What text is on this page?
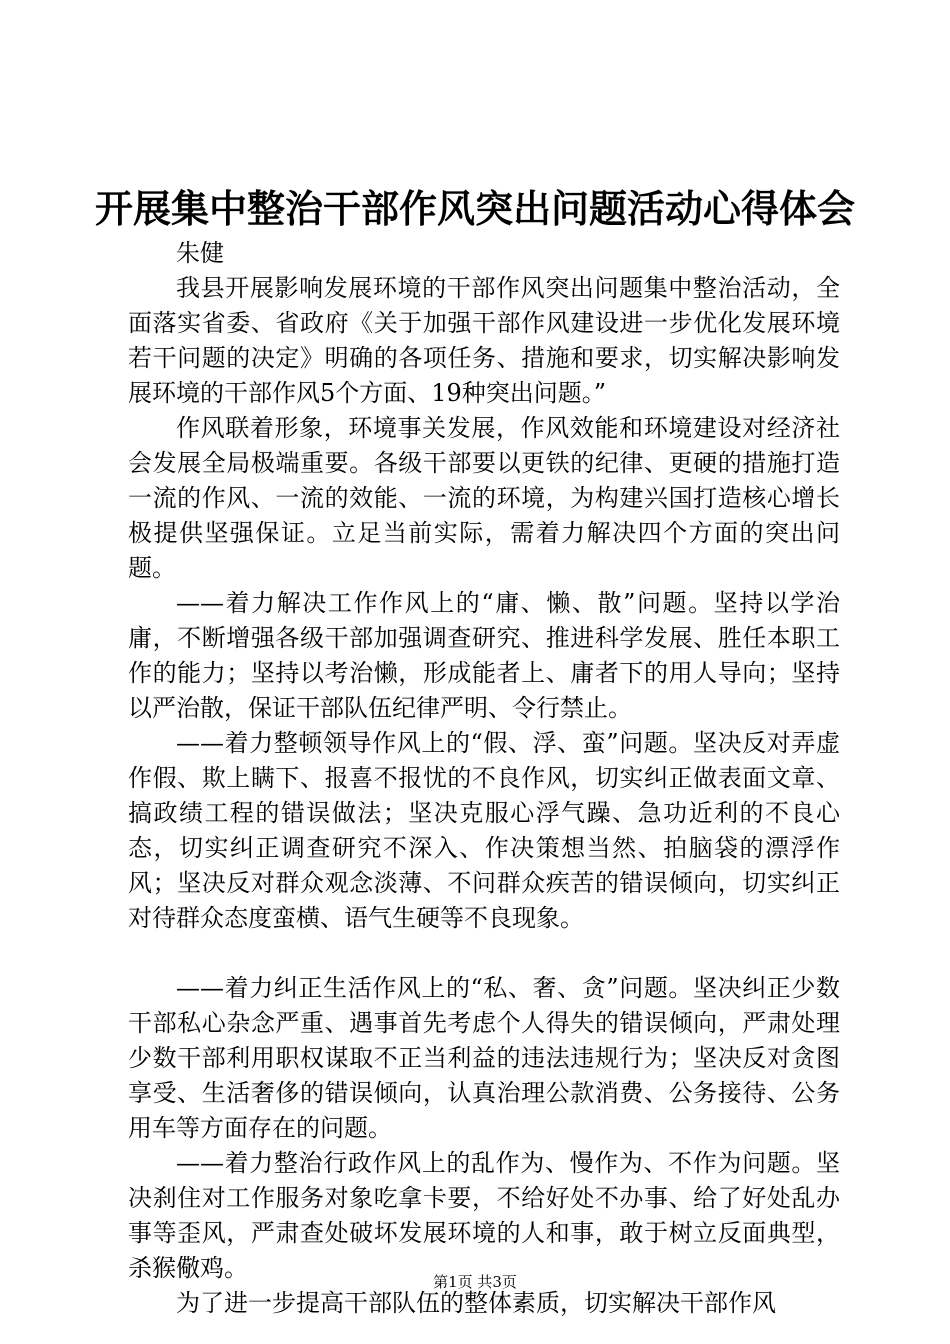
开展集中整治干部作风突出问题活动心得体会

朱健

我县开展影响发展环境的干部作风突出问题集中整治活动，全面落实省委、省政府《关于加强干部作风建设进一步优化发展环境若干问题的决定》明确的各项任务、措施和要求，切实解决影响发展环境的干部作风5个方面、19种突出问题。”

作风联着形象，环境事关发展，作风效能和环境建设对经济社会发展全局极端重要。各级干部要以更铁的纪律、更硬的措施打造一流的作风、一流的效能、一流的环境，为构建兴国打造核心增长极提供坚强保证。立足当前实际，需着力解决四个方面的突出问题。

——着力解决工作作风上的“庸、懒、散”问题。坚持以学治庸，不断增强各级干部加强调查研究、推进科学发展、胜任本职工作的能力；坚持以考治懒，形成能者上、庸者下的用人导向；坚持以严治散，保证干部队伍纪律严明、令行禁止。

——着力整顿领导作风上的“假、浮、蛮”问题。坚决反对弄虚作假、欺上瞒下、报喜不报忧的不良作风，切实纠正做表面文章、搞政绩工程的错误做法；坚决克服心浮气躁、急功近利的不良心态，切实纠正调查研究不深入、作决策想当然、拍脑袋的漂浮作风；坚决反对群众观念淡薄、不问群众疾苦的错误倾向，切实纠正对待群众态度蛮横、语气生硬等不良现象。

——着力纠正生活作风上的“私、奢、贪”问题。坚决纠正少数干部私心杂念严重、遇事首先考虑个人得失的错误倾向，严肃处理少数干部利用职权谋取不正当利益的违法违规行为；坚决反对贪图享受、生活奢侈的错误倾向，认真治理公款消费、公务接待、公务用车等方面存在的问题。

——着力整治行政作风上的乱作为、慢作为、不作为问题。坚决刹住对工作服务对象吃拿卡要，不给好处不办事、给了好处乱办事等歪风，严肃查处破坏发展环境的人和事，敢于树立反面典型，杀猴儆鸡。

为了进一步提高干部队伍的整体素质，切实解决干部作风

第1页 共3页
